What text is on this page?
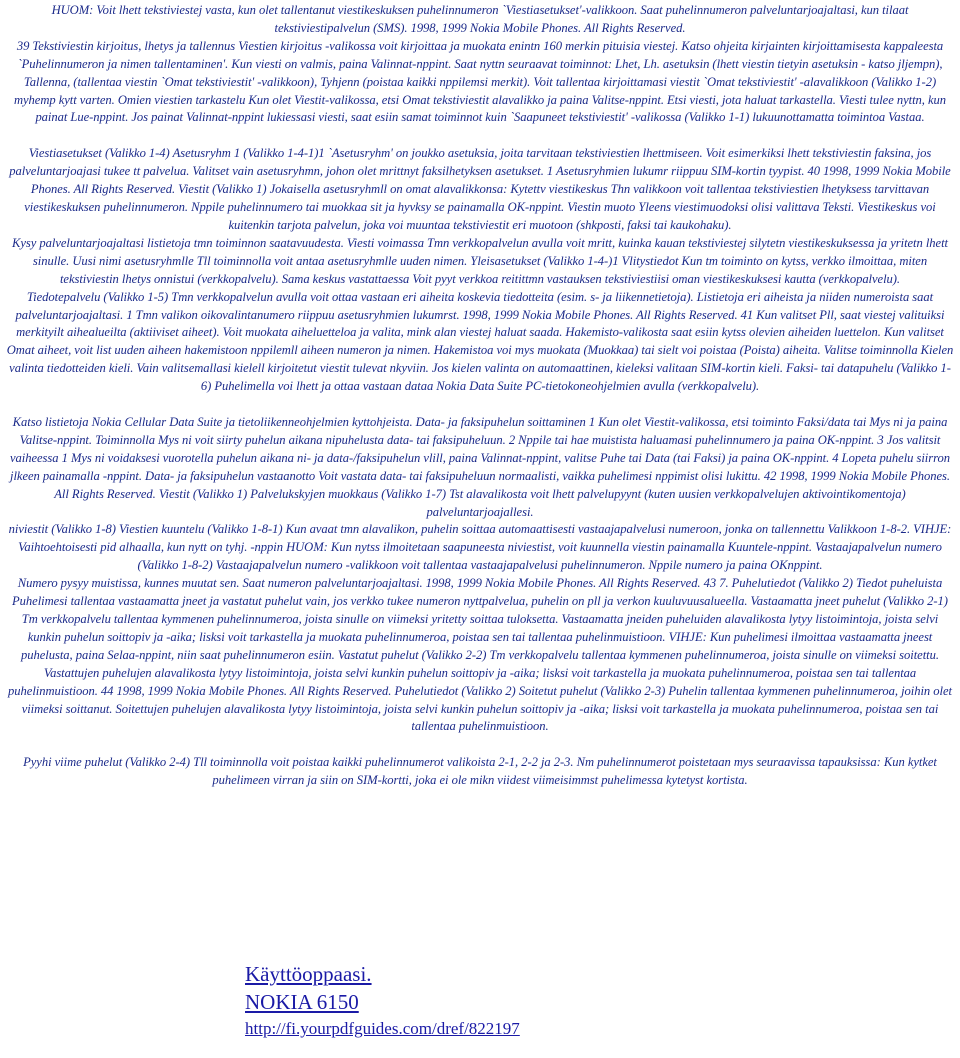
HUOM: Voit lhett tekstiviestej vasta, kun olet tallentanut viestikeskuksen puhelinnumeron `Viestiasetukset'-valikkoon. Saat puhelinnumeron palveluntarjoajaltasi, kun tilaat tekstiviestipalvelun (SMS). 1998, 1999 Nokia Mobile Phones. All Rights Reserved.

39 Tekstiviestin kirjoitus, lhetys ja tallennus Viestien kirjoitus -valikossa voit kirjoittaa ja muokata enintn 160 merkin pituisia viestej. Katso ohjeita kirjainten kirjoittamisesta kappaleesta `Puhelinnumeron ja nimen tallentaminen'. Kun viesti on valmis, paina Valinnat-nppint. Saat nyttn seuraavat toiminnot: Lhet, Lh. asetuksin (lhett viestin tietyin asetuksin - katso jljempn), Tallenna, (tallentaa viestin `Omat tekstiviestit' -valikkoon), Tyhjenn (poistaa kaikki nppilemsi merkit). Voit tallentaa kirjoittamasi viestit `Omat tekstiviestit' -alavalikkoon (Valikko 1-2) myhemp kytt varten. Omien viestien tarkastelu Kun olet Viestit-valikossa, etsi Omat tekstiviestit alavalikko ja paina Valitse-nppint. Etsi viesti, jota haluat tarkastella. Viesti tulee nyttn, kun painat Lue-nppint. Jos painat Valinnat-nppint lukiessasi viesti, saat esiin samat toiminnot kuin `Saapuneet tekstiviestit' -valikossa (Valikko 1-1) lukuunottamatta toimintoa Vastaa.

Viestiasetukset (Valikko 1-4) Asetusryhm 1 (Valikko 1-4-1)1 `Asetusryhm' on joukko asetuksia, joita tarvitaan tekstiviestien lhettmiseen. Voit esimerkiksi lhett tekstiviestin faksina, jos palveluntarjoajasi tukee tt palvelua. Valitset vain asetusryhmn, johon olet mrittnyt faksilhetyksen asetukset. 1 Asetusryhmien lukumr riippuu SIM-kortin tyypist. 40 1998, 1999 Nokia Mobile Phones. All Rights Reserved. Viestit (Valikko 1) Jokaisella asetusryhmll on omat alavalikkonsa: Kytettv viestikeskus Thn valikkoon voit tallentaa tekstiviestien lhetyksess tarvittavan viestikeskuksen puhelinnumeron. Nppile puhelinnumero tai muokkaa sit ja hyvksy se painamalla OK-nppint. Viestin muoto Yleens viestimuodoksi olisi valittava Teksti. Viestikeskus voi kuitenkin tarjota palvelun, joka voi muuntaa tekstiviestit eri muotoon (shkposti, faksi tai kaukohaku).

Kysy palveluntarjoajaltasi listietoja tmn toiminnon saatavuudesta. Viesti voimassa Tmn verkkopalvelun avulla voit mritt, kuinka kauan tekstiviestej silytetn viestikeskuksessa ja yritetn lhett sinulle. Uusi nimi asetusryhmlle Tll toiminnolla voit antaa asetusryhmlle uuden nimen. Yleisasetukset (Valikko 1-4-)1 Vlitystiedot Kun tm toiminto on kytss, verkko ilmoittaa, miten tekstiviestin lhetys onnistui (verkkopalvelu). Sama keskus vastattaessa Voit pyyt verkkoa reitittmn vastauksen tekstiviestiisi oman viestikeskuksesi kautta (verkkopalvelu).

Tiedotepalvelu (Valikko 1-5) Tmn verkkopalvelun avulla voit ottaa vastaan eri aiheita koskevia tiedotteita (esim. s- ja liikennetietoja). Listietoja eri aiheista ja niiden numeroista saat palveluntarjoajaltasi. 1 Tmn valikon oikovalintanumero riippuu asetusryhmien lukumrst. 1998, 1999 Nokia Mobile Phones. All Rights Reserved. 41 Kun valitset Pll, saat viestej valituiksi merkityilt aihealueilta (aktiiviset aiheet). Voit muokata aiheluetteloa ja valita, mink alan viestej haluat saada. Hakemisto-valikosta saat esiin kytss olevien aiheiden luettelon. Kun valitset Omat aiheet, voit list uuden aiheen hakemistoon nppilemll aiheen numeron ja nimen. Hakemistoa voi mys muokata (Muokkaa) tai sielt voi poistaa (Poista) aiheita. Valitse toiminnolla Kielen valinta tiedotteiden kieli. Vain valitsemallasi kielell kirjoitetut viestit tulevat nkyviin. Jos kielen valinta on automaattinen, kieleksi valitaan SIM-kortin kieli. Faksi- tai datapuhelu (Valikko 1-6) Puhelimella voi lhett ja ottaa vastaan dataa Nokia Data Suite PC-tietokoneohjelmien avulla (verkkopalvelu).

Katso listietoja Nokia Cellular Data Suite ja tietoliikenneohjelmien kyttohjeista. Data- ja faksipuhelun soittaminen 1 Kun olet Viestit-valikossa, etsi toiminto Faksi/data tai Mys ni ja paina Valitse-nppint. Toiminnolla Mys ni voit siirty puhelun aikana nipuhelusta data- tai faksipuheluun. 2 Nppile tai hae muistista haluamasi puhelinnumero ja paina OK-nppint. 3 Jos valitsit vaiheessa 1 Mys ni voidaksesi vuorotella puhelun aikana ni- ja data-/faksipuhelun vlill, paina Valinnat-nppint, valitse Puhe tai Data (tai Faksi) ja paina OK-nppint. 4 Lopeta puhelu siirron jlkeen painamalla -nppint. Data- ja faksipuhelun vastaanotto Voit vastata data- tai faksipuheluun normaalisti, vaikka puhelimesi nppimist olisi lukittu. 42 1998, 1999 Nokia Mobile Phones. All Rights Reserved. Viestit (Valikko 1) Palvelukskyjen muokkaus (Valikko 1-7) Tst alavalikosta voit lhett palvelupyynt (kuten uusien verkkopalvelujen aktivointikomentoja) palveluntarjoajallesi.

niviestit (Valikko 1-8) Viestien kuuntelu (Valikko 1-8-1) Kun avaat tmn alavalikon, puhelin soittaa automaattisesti vastaajapalvelusi numeroon, jonka on tallennettu Valikkoon 1-8-2. VIHJE: Vaihtoehtoisesti pid alhaalla, kun nytt on tyhj. -nppin HUOM: Kun nytss ilmoitetaan saapuneesta niviestist, voit kuunnella viestin painamalla Kuuntele-nppint. Vastaajapalvelun numero (Valikko 1-8-2) Vastaajapalvelun numero -valikkoon voit tallentaa vastaajapalvelusi puhelinnumeron. Nppile numero ja paina OKnppint.

Numero pysyy muistissa, kunnes muutat sen. Saat numeron palveluntarjoajaltasi. 1998, 1999 Nokia Mobile Phones. All Rights Reserved. 43 7. Puhelutiedot (Valikko 2) Tiedot puheluista Puhelimesi tallentaa vastaamatta jneet ja vastatut puhelut vain, jos verkko tukee numeron nyttpalvelua, puhelin on pll ja verkon kuuluvuusalueella. Vastaamatta jneet puhelut (Valikko 2-1) Tm verkkopalvelu tallentaa kymmenen puhelinnumeroa, joista sinulle on viimeksi yritetty soittaa tuloksetta. Vastaamatta jneiden puheluiden alavalikosta lytyy listoimintoja, joista selvi kunkin puhelun soittopiv ja -aika; lisksi voit tarkastella ja muokata puhelinnumeroa, poistaa sen tai tallentaa puhelinmuistioon. VIHJE: Kun puhelimesi ilmoittaa vastaamatta jneest puhelusta, paina Selaa-nppint, niin saat puhelinnumeron esiin. Vastatut puhelut (Valikko 2-2) Tm verkkopalvelu tallentaa kymmenen puhelinnumeroa, joista sinulle on viimeksi soitettu. Vastattujen puhelujen alavalikosta lytyy listoimintoja, joista selvi kunkin puhelun soittopiv ja -aika; lisksi voit tarkastella ja muokata puhelinnumeroa, poistaa sen tai tallentaa puhelinmuistioon. 44 1998, 1999 Nokia Mobile Phones. All Rights Reserved. Puhelutiedot (Valikko 2) Soitetut puhelut (Valikko 2-3) Puhelin tallentaa kymmenen puhelinnumeroa, joihin olet viimeksi soittanut. Soitettujen puhelujen alavalikosta lytyy listoimintoja, joista selvi kunkin puhelun soittopiv ja -aika; lisksi voit tarkastella ja muokata puhelinnumeroa, poistaa sen tai tallentaa puhelinmuistioon.

Pyyhi viime puhelut (Valikko 2-4) Tll toiminnolla voit poistaa kaikki puhelinnumerot valikoista 2-1, 2-2 ja 2-3. Nm puhelinnumerot poistetaan mys seuraavissa tapauksissa: Kun kytket puhelimeen virran ja siin on SIM-kortti, joka ei ole mikn viidest viimeisimmst puhelimessa kytetyst kortista.

Käyttöoppaasi.
NOKIA 6150
http://fi.yourpdfguides.com/dref/822197
